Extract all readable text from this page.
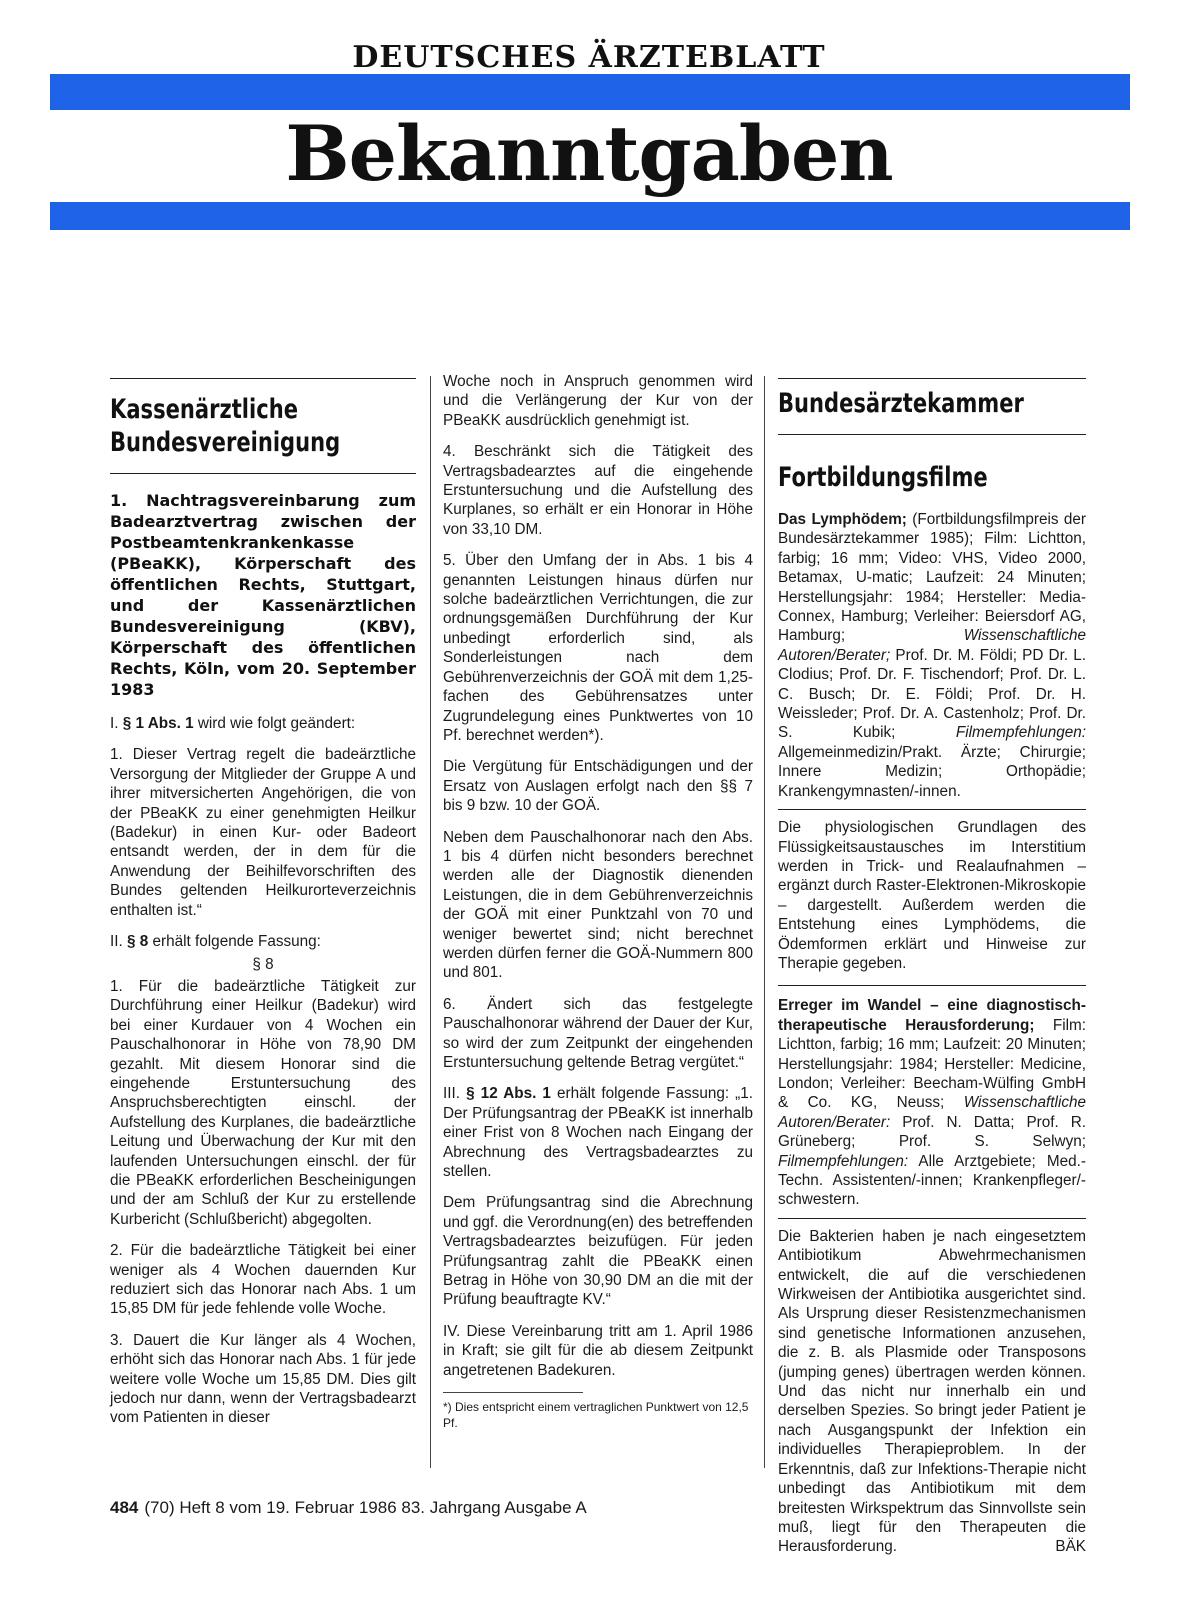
DEUTSCHES ÄRZTEBLATT
Bekanntgaben
Kassenärztliche
Bundesvereinigung
1. Nachtragsvereinbarung zum Badearztvertrag zwischen der Postbeamtenkrankenkasse (PBeaKK), Körperschaft des öffentlichen Rechts, Stuttgart, und der Kassenärztlichen Bundesvereinigung (KBV), Körperschaft des öffentlichen Rechts, Köln, vom 20. September 1983

I. § 1 Abs. 1 wird wie folgt geändert:

1. Dieser Vertrag regelt die badeärztliche Versorgung der Mitglieder der Gruppe A und ihrer mitversicherten Angehörigen, die von der PBeaKK zu einer genehmigten Heilkur (Badekur) in einen Kur- oder Badeort entsandt werden, der in dem für die Anwendung der Beihilfevorschriften des Bundes geltenden Heilkurorteverzeichnis enthalten ist.“

II. § 8 erhält folgende Fassung:

§ 8

1. Für die badeärztliche Tätigkeit zur Durchführung einer Heilkur (Badekur) wird bei einer Kurdauer von 4 Wochen ein Pauschalhonorar in Höhe von 78,90 DM gezahlt. Mit diesem Honorar sind die eingehende Erstuntersuchung des Anspruchsberechtigten einschl. der Aufstellung des Kurplanes, die badeärztliche Leitung und Überwachung der Kur mit den laufenden Untersuchungen einschl. der für die PBeaKK erforderlichen Bescheinigungen und der am Schluß der Kur zu erstellende Kurbericht (Schlußbericht) abgegolten.

2. Für die badeärztliche Tätigkeit bei einer weniger als 4 Wochen dauernden Kur reduziert sich das Honorar nach Abs. 1 um 15,85 DM für jede fehlende volle Woche.

3. Dauert die Kur länger als 4 Wochen, erhöht sich das Honorar nach Abs. 1 für jede weitere volle Woche um 15,85 DM. Dies gilt jedoch nur dann, wenn der Vertragsbadearzt vom Patienten in dieser

Woche noch in Anspruch genommen wird und die Verlängerung der Kur von der PBeaKK ausdrücklich genehmigt ist.

4. Beschränkt sich die Tätigkeit des Vertragsbadearztes auf die eingehende Erstuntersuchung und die Aufstellung des Kurplanes, so erhält er ein Honorar in Höhe von 33,10 DM.

5. Über den Umfang der in Abs. 1 bis 4 genannten Leistungen hinaus dürfen nur solche badeärztlichen Verrichtungen, die zur ordnungsgemäßen Durchführung der Kur unbedingt erforderlich sind, als Sonderleistungen nach dem Gebührenverzeichnis der GOÄ mit dem 1,25-fachen des Gebührensatzes unter Zugrundelegung eines Punktwertes von 10 Pf. berechnet werden*).

Die Vergütung für Entschädigungen und der Ersatz von Auslagen erfolgt nach den §§ 7 bis 9 bzw. 10 der GOÄ.

Neben dem Pauschalhonorar nach den Abs. 1 bis 4 dürfen nicht besonders berechnet werden alle der Diagnostik dienenden Leistungen, die in dem Gebührenverzeichnis der GOÄ mit einer Punktzahl von 70 und weniger bewertet sind; nicht berechnet werden dürfen ferner die GOÄ-Nummern 800 und 801.

6. Ändert sich das festgelegte Pauschalhonorar während der Dauer der Kur, so wird der zum Zeitpunkt der eingehenden Erstuntersuchung geltende Betrag vergütet.“

III. § 12 Abs. 1 erhält folgende Fassung: „1. Der Prüfungsantrag der PBeaKK ist innerhalb einer Frist von 8 Wochen nach Eingang der Abrechnung des Vertragsbadearztes zu stellen.

Dem Prüfungsantrag sind die Abrechnung und ggf. die Verordnung(en) des betreffenden Vertragsbadearztes beizufügen. Für jeden Prüfungsantrag zahlt die PBeaKK einen Betrag in Höhe von 30,90 DM an die mit der Prüfung beauftragte KV.“

IV. Diese Vereinbarung tritt am 1. April 1986 in Kraft; sie gilt für die ab diesem Zeitpunkt angetretenen Badekuren.

*) Dies entspricht einem vertraglichen Punktwert von 12,5 Pf.
Bundesärztekammer
Fortbildungsfilme

Das Lymphödem; (Fortbildungsfilmpreis der Bundesärztekammer 1985); Film: Lichtton, farbig; 16 mm; Video: VHS, Video 2000, Betamax, U-matic; Laufzeit: 24 Minuten; Herstellungsjahr: 1984; Hersteller: Media-Connex, Hamburg; Verleiher: Beiersdorf AG, Hamburg;	Wissenschaftliche Autoren/Berater; Prof. Dr. M. Földi; PD Dr. L. Clodius; Prof. Dr. F. Tischendorf; Prof. Dr. L. C. Busch; Dr. E. Földi; Prof. Dr. H. Weissleder; Prof. Dr. A. Castenholz; Prof. Dr. S. Kubik;	Filmempfehlungen: Allgemeinmedizin/Prakt. Ärzte; Chirurgie; Innere Medizin; Orthopädie; Krankengymnasten/-innen.

Die physiologischen Grundlagen des Flüssigkeitsaustausches im Interstitium werden in Trick- und Realaufnahmen – ergänzt durch Raster-Elektronen-Mikroskopie – dargestellt. Außerdem werden die Entstehung eines Lymphödems, die Ödemformen erklärt und Hinweise zur Therapie gegeben.

Erreger im Wandel – eine diagnostisch-therapeutische Herausforderung; Film: Lichtton, farbig; 16 mm; Laufzeit: 20 Minuten; Herstellungsjahr: 1984; Hersteller: Medicine, London; Verleiher: Beecham-Wülfing GmbH & Co. KG, Neuss; Wissenschaftliche Autoren/Berater: Prof. N. Datta; Prof. R. Grüneberg; Prof. S. Selwyn; Filmempfehlungen: Alle Arztgebiete; Med.-Techn. Assistenten/-innen; Krankenpfleger/-schwestern.

Die Bakterien haben je nach eingesetztem Antibiotikum Abwehrmechanismen entwickelt, die auf die verschiedenen Wirkweisen der Antibiotika ausgerichtet sind. Als Ursprung dieser Resistenzmechanismen sind genetische Informationen anzusehen, die z. B. als Plasmide oder Transposons (jumping genes) übertragen werden können. Und das nicht nur innerhalb ein und derselben Spezies. So bringt jeder Patient je nach Ausgangspunkt der Infektion ein individuelles Therapieproblem. In der Erkenntnis, daß zur Infektions-Therapie nicht unbedingt das Antibiotikum mit dem breitesten Wirkspektrum das Sinnvollste sein muß, liegt für den Therapeuten die Herausforderung.	BÄK

484 (70) Heft 8 vom 19. Februar 1986 83. Jahrgang Ausgabe A
